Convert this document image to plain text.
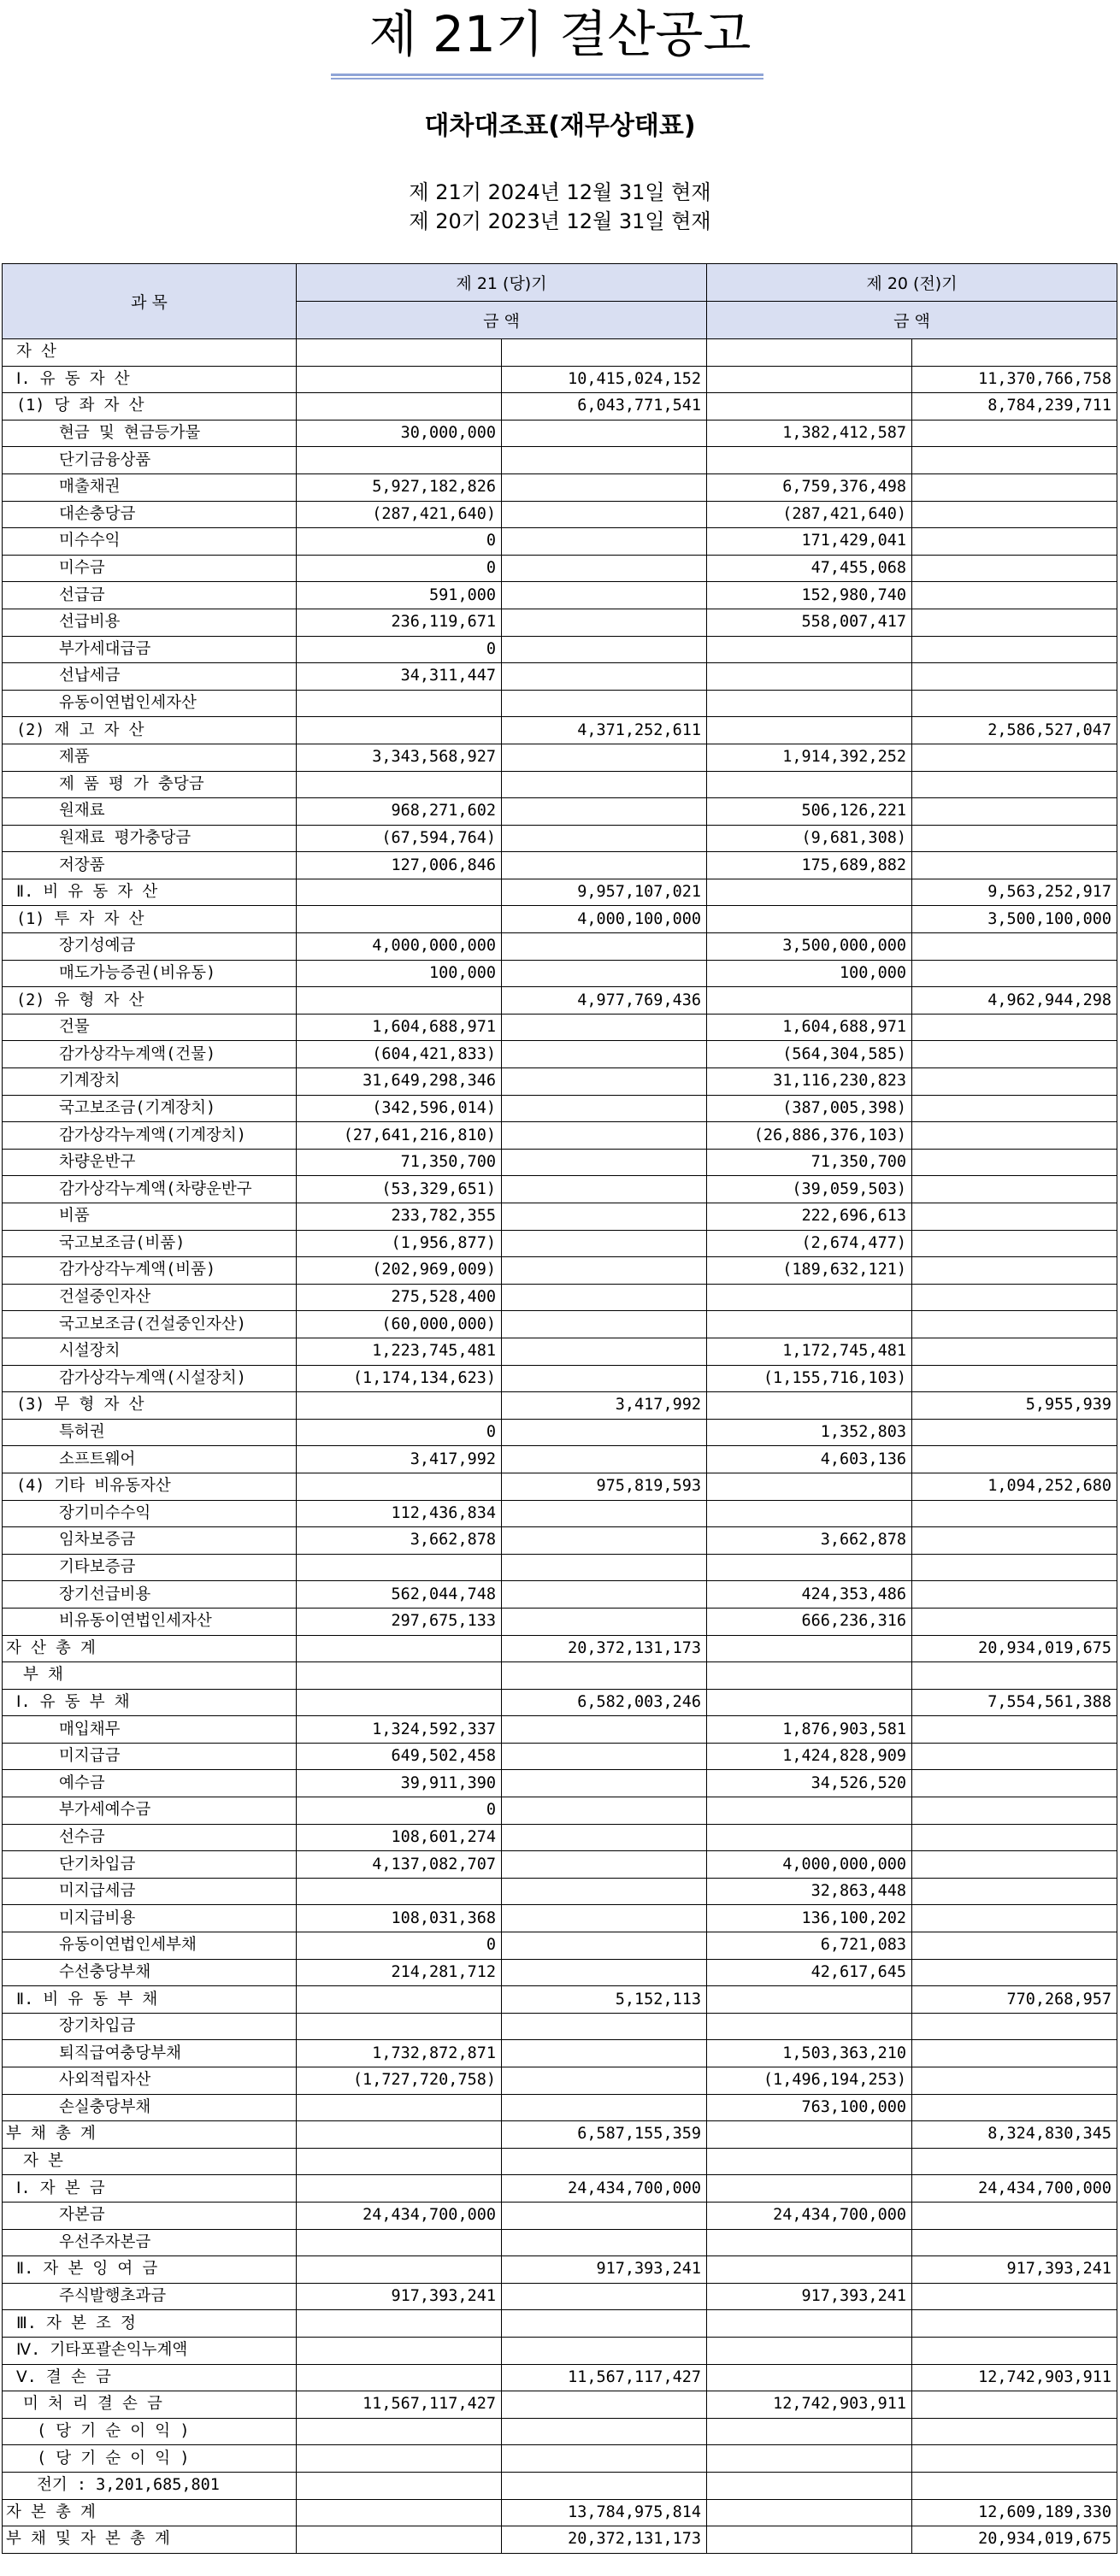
제 21기 결산공고
대차대조표(재무상태표)
제 21기 2024년 12월 31일 현재
제 20기 2023년 12월 31일 현재
과 목	제 21 (당)기		제 20 (전)기	
	금 액		금 액	
자 산				
Ⅰ. 유 동 자 산		10,415,024,152		11,370,766,758
(1) 당 좌 자 산		6,043,771,541		8,784,239,711
현금 및 현금등가물	30,000,000		1,382,412,587	
단기금융상품				
매출채권	5,927,182,826		6,759,376,498	
대손충당금	(287,421,640)		(287,421,640)	
미수수익	0		171,429,041	
미수금	0		47,455,068	
선급금	591,000		152,980,740	
선급비용	236,119,671		558,007,417	
부가세대급금	0			
선납세금	34,311,447			
유동이연법인세자산				
(2) 재 고 자 산		4,371,252,611		2,586,527,047
제품	3,343,568,927		1,914,392,252	
제 품 평 가 충당금				
원재료	968,271,602		506,126,221	
원재료 평가충당금	(67,594,764)		(9,681,308)	
저장품	127,006,846		175,689,882	
Ⅱ. 비 유 동 자 산		9,957,107,021		9,563,252,917
(1) 투 자 자 산		4,000,100,000		3,500,100,000
장기성예금	4,000,000,000		3,500,000,000	
매도가능증권(비유동)	100,000		100,000	
(2) 유 형 자 산		4,977,769,436		4,962,944,298
건물	1,604,688,971		1,604,688,971	
감가상각누계액(건물)	(604,421,833)		(564,304,585)	
기계장치	31,649,298,346		31,116,230,823	
국고보조금(기계장치)	(342,596,014)		(387,005,398)	
감가상각누계액(기계장치)	(27,641,216,810)		(26,886,376,103)	
차량운반구	71,350,700		71,350,700	
감가상각누계액(차량운반구	(53,329,651)		(39,059,503)	
비품	233,782,355		222,696,613	
국고보조금(비품)	(1,956,877)		(2,674,477)	
감가상각누계액(비품)	(202,969,009)		(189,632,121)	
건설중인자산	275,528,400			
국고보조금(건설중인자산)	(60,000,000)			
시설장치	1,223,745,481		1,172,745,481	
감가상각누계액(시설장치)	(1,174,134,623)		(1,155,716,103)	
(3) 무 형 자 산		3,417,992		5,955,939
특허권	0		1,352,803	
소프트웨어	3,417,992		4,603,136	
(4) 기타 비유동자산		975,819,593		1,094,252,680
장기미수수익	112,436,834			
임차보증금	3,662,878		3,662,878	
기타보증금				
장기선급비용	562,044,748		424,353,486	
비유동이연법인세자산	297,675,133		666,236,316	
자 산 총 계		20,372,131,173		20,934,019,675
부 채				
Ⅰ. 유 동 부 채		6,582,003,246		7,554,561,388
매입채무	1,324,592,337		1,876,903,581	
미지급금	649,502,458		1,424,828,909	
예수금	39,911,390		34,526,520	
부가세예수금	0			
선수금	108,601,274			
단기차입금	4,137,082,707		4,000,000,000	
미지급세금			32,863,448	
미지급비용	108,031,368		136,100,202	
유동이연법인세부채	0		6,721,083	
수선충당부채	214,281,712		42,617,645	
Ⅱ. 비 유 동 부 채		5,152,113		770,268,957
장기차입금				
퇴직급여충당부채	1,732,872,871		1,503,363,210	
사외적립자산	(1,727,720,758)		(1,496,194,253)	
손실충당부채			763,100,000	
부 채 총 계		6,587,155,359		8,324,830,345
자 본				
Ⅰ. 자 본 금		24,434,700,000		24,434,700,000
자본금	24,434,700,000		24,434,700,000	
우선주자본금				
Ⅱ. 자 본 잉 여 금		917,393,241		917,393,241
주식발행초과금	917,393,241		917,393,241	
Ⅲ. 자 본 조 정				
Ⅳ. 기타포괄손익누계액				
Ⅴ. 결 손 금		11,567,117,427		12,742,903,911
미 처 리 결 손 금	11,567,117,427		12,742,903,911	
( 당 기 순 이 익 )				
( 당 기 순 이 익 )				
전기 : 3,201,685,801				
자 본 총 계		13,784,975,814		12,609,189,330
부 채 및 자 본 총 계		20,372,131,173		20,934,019,675
